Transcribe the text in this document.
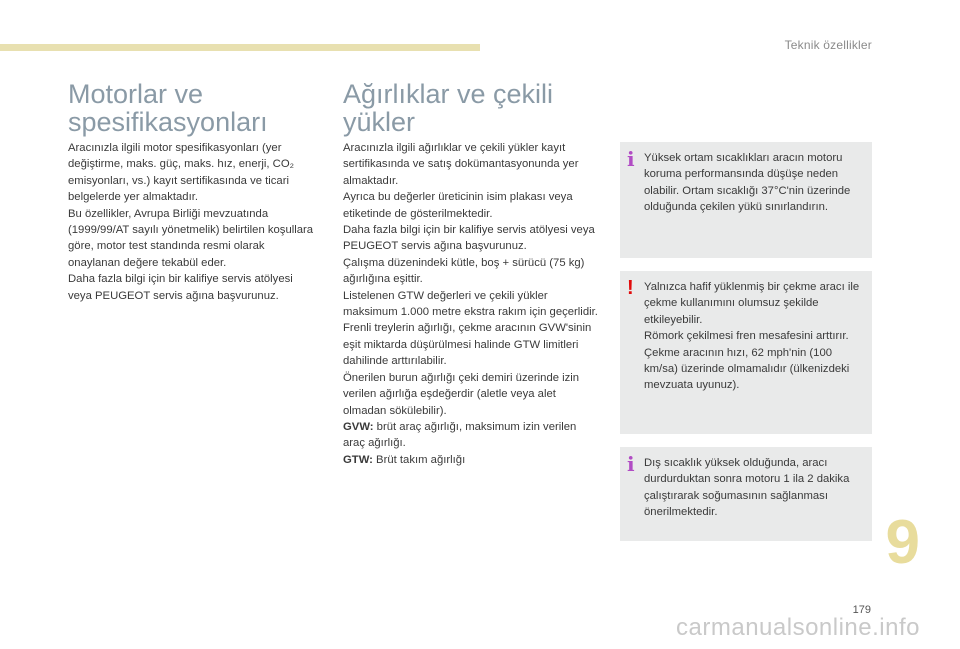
Teknik özellikler
Motorlar ve spesifikasyonları

Aracınızla ilgili motor spesifikasyonları (yer değiştirme, maks. güç, maks. hız, enerji, CO₂ emisyonları, vs.) kayıt sertifikasında ve ticari belgelerde yer almaktadır.

Bu özellikler, Avrupa Birliği mevzuatında (1999/99/AT sayılı yönetmelik) belirtilen koşullara göre, motor test standında resmi olarak onaylanan değere tekabül eder.

Daha fazla bilgi için bir kalifiye servis atölyesi veya PEUGEOT servis ağına başvurunuz.

Ağırlıklar ve çekili yükler

Aracınızla ilgili ağırlıklar ve çekili yükler kayıt sertifikasında ve satış dokümantasyonunda yer almaktadır.

Ayrıca bu değerler üreticinin isim plakası veya etiketinde de gösterilmektedir.

Daha fazla bilgi için bir kalifiye servis atölyesi veya PEUGEOT servis ağına başvurunuz.

Çalışma düzenindeki kütle, boş + sürücü (75 kg) ağırlığına eşittir.

Listelenen GTW değerleri ve çekili yükler maksimum 1.000 metre ekstra rakım için geçerlidir.

Frenli treylerin ağırlığı, çekme aracının GVW'sinin eşit miktarda düşürülmesi halinde GTW limitleri dahilinde arttırılabilir.

Önerilen burun ağırlığı çeki demiri üzerinde izin verilen ağırlığa eşdeğerdir (aletle veya alet olmadan sökülebilir).

GVW: brüt araç ağırlığı, maksimum izin verilen araç ağırlığı.

GTW: Brüt takım ağırlığı

i Yüksek ortam sıcaklıkları aracın motoru koruma performansında düşüşe neden olabilir. Ortam sıcaklığı 37°C'nin üzerinde olduğunda çekilen yükü sınırlandırın.

! Yalnızca hafif yüklenmiş bir çekme aracı ile çekme kullanımını olumsuz şekilde etkileyebilir.

Römork çekilmesi fren mesafesini arttırır.

Çekme aracının hızı, 62 mph'nin (100 km/sa) üzerinde olmamalıdır (ülkenizdeki mevzuata uyunuz).

i Dış sıcaklık yüksek olduğunda, aracı durdurduktan sonra motoru 1 ila 2 dakika çalıştırarak soğumasının sağlanması önerilmektedir.	9
179
carmanualsonline.info
